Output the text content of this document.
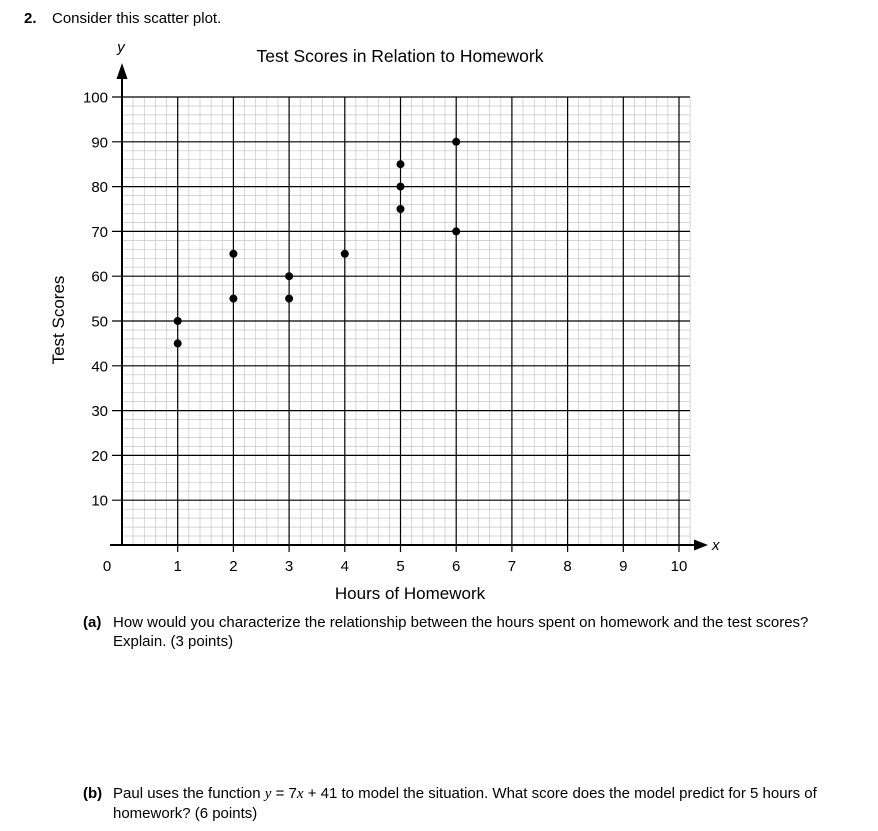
2. Consider this scatter plot.
10
20
30
40
50
60
70
80
90
100
0	1	2	3	4	5	6	7	8	9	10
Test Scores in Relation to Homework
y
x
Test Scores
Hours of Homework
(a) How would you characterize the relationship between the hours spent on homework and the test scores? Explain. (3 points)
(b) Paul uses the function y = 7x + 41 to model the situation. What score does the model predict for 5 hours of homework? (6 points)
